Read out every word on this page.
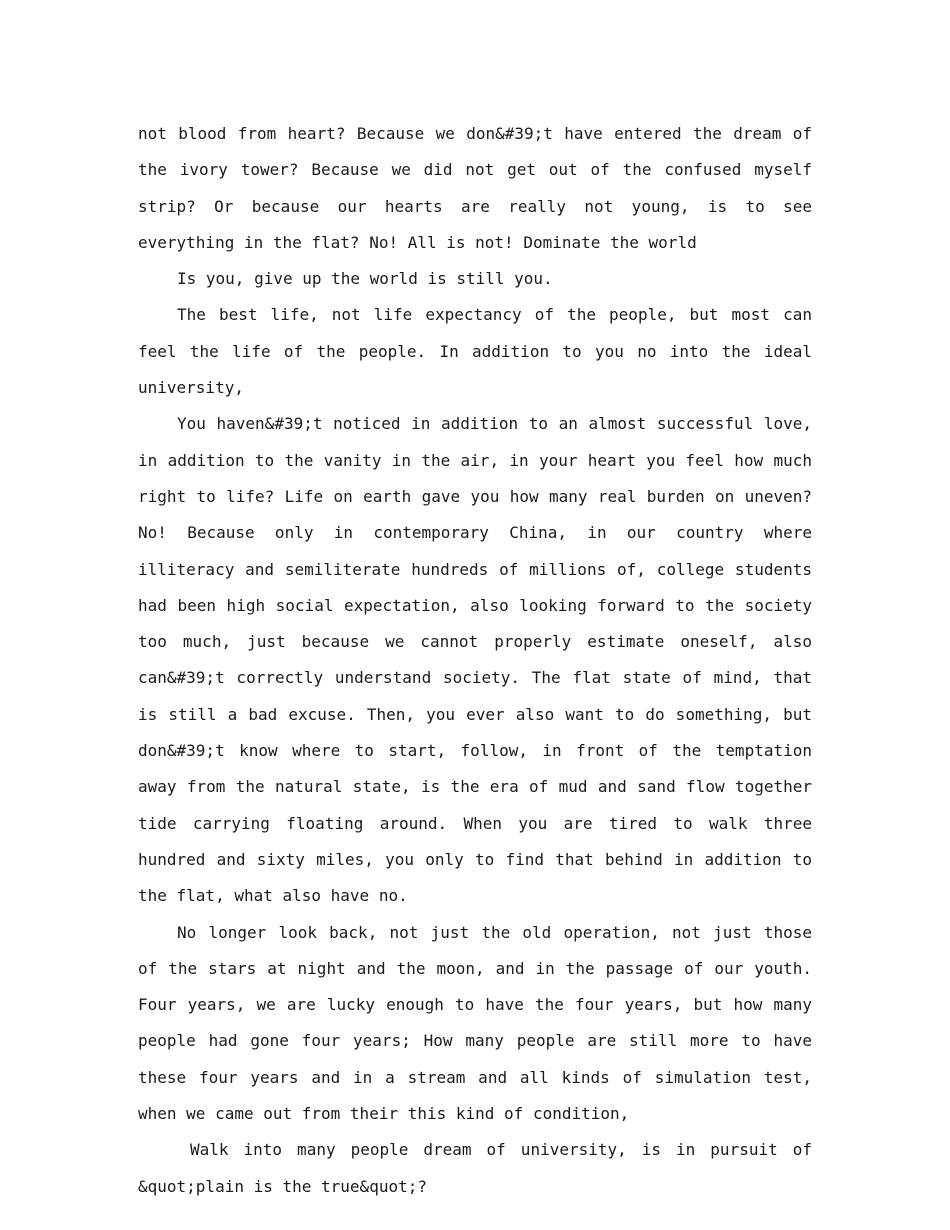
not blood from heart? Because we don&#39;t have entered the dream of the ivory tower? Because we did not get out of the confused myself strip? Or because our hearts are really not young, is to see everything in the flat? No! All is not! Dominate the world

Is you, give up the world is still you.

The best life, not life expectancy of the people, but most can feel the life of the people. In addition to you no into the ideal university,

You haven&#39;t noticed in addition to an almost successful love, in addition to the vanity in the air, in your heart you feel how much right to life? Life on earth gave you how many real burden on uneven? No! Because only in contemporary China, in our country where illiteracy and semiliterate hundreds of millions of, college students had been high social expectation, also looking forward to the society too much, just because we cannot properly estimate oneself, also can&#39;t correctly understand society. The flat state of mind, that is still a bad excuse. Then, you ever also want to do something, but don&#39;t know where to start, follow, in front of the temptation away from the natural state, is the era of mud and sand flow together tide carrying floating around. When you are tired to walk three hundred and sixty miles, you only to find that behind in addition to the flat, what also have no.

No longer look back, not just the old operation, not just those of the stars at night and the moon, and in the passage of our youth. Four years, we are lucky enough to have the four years, but how many people had gone four years; How many people are still more to have these four years and in a stream and all kinds of simulation test, when we came out from their this kind of condition,

Walk into many people dream of university, is in pursuit of &quot;plain is the true&quot;?
